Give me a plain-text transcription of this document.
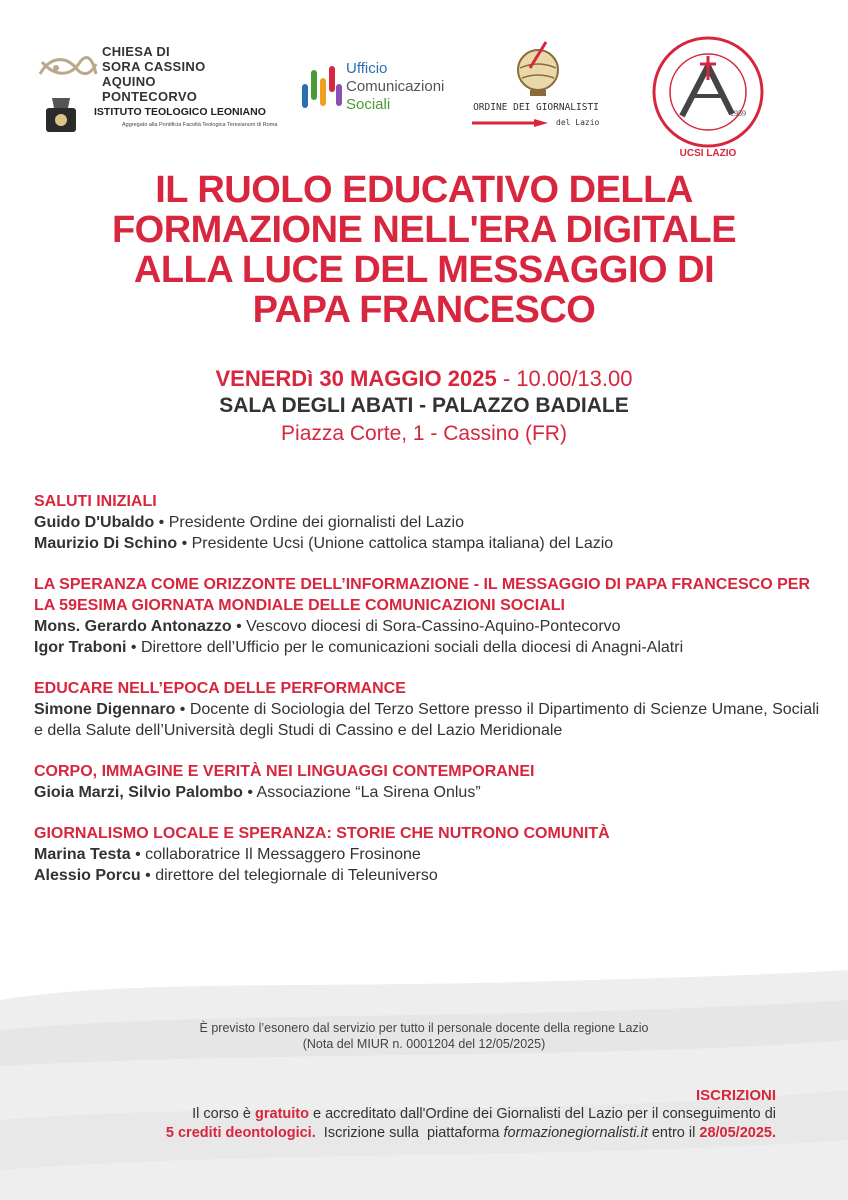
CHIESA DI
SORA CASSINO
AQUINO PONTECORVO
ISTITUTO TEOLOGICO LEONIANO
Aggregato alla Pontificia Facoltà Teologica Teresianum di Roma
Ufficio
Comunicazioni
Sociali	ORDINE DEI GIORNALISTI
del Lazio
1959
UCSI LAZIO
IL RUOLO EDUCATIVO DELLA
FORMAZIONE NELL'ERA DIGITALE
ALLA LUCE DEL MESSAGGIO DI
PAPA FRANCESCO
VENERDì 30 MAGGIO 2025 - 10.00/13.00
SALA DEGLI ABATI - PALAZZO BADIALE
Piazza Corte, 1 - Cassino (FR)
SALUTI INIZIALI

Guido D'Ubaldo • Presidente Ordine dei giornalisti del Lazio

Maurizio Di Schino • Presidente Ucsi (Unione cattolica stampa italiana) del Lazio

LA SPERANZA COME ORIZZONTE DELL’INFORMAZIONE - IL MESSAGGIO DI PAPA FRANCESCO PER LA 59ESIMA GIORNATA MONDIALE DELLE COMUNICAZIONI SOCIALI

Mons. Gerardo Antonazzo • Vescovo diocesi di Sora-Cassino-Aquino-Pontecorvo

Igor Traboni • Direttore dell’Ufficio per le comunicazioni sociali della diocesi di Anagni-Alatri

EDUCARE NELL’EPOCA DELLE PERFORMANCE

Simone Digennaro • Docente di Sociologia del Terzo Settore presso il Dipartimento di Scienze Umane, Sociali e della Salute dell’Università degli Studi di Cassino e del Lazio Meridionale

CORPO, IMMAGINE E VERITÀ NEI LINGUAGGI CONTEMPORANEI

Gioia Marzi, Silvio Palombo • Associazione “La Sirena Onlus”

GIORNALISMO LOCALE E SPERANZA: STORIE CHE NUTRONO COMUNITÀ

Marina Testa • collaboratrice Il Messaggero Frosinone

Alessio Porcu • direttore del telegiornale di Teleuniverso

È previsto l’esonero dal servizio per tutto il personale docente della regione Lazio
(Nota del MIUR n. 0001204 del 12/05/2025)
ISCRIZIONI
Il corso è gratuito e accreditato dall'Ordine dei Giornalisti del Lazio per il conseguimento di
5 crediti deontologici.  Iscrizione sulla  piattaforma formazionegiornalisti.it entro il 28/05/2025.
